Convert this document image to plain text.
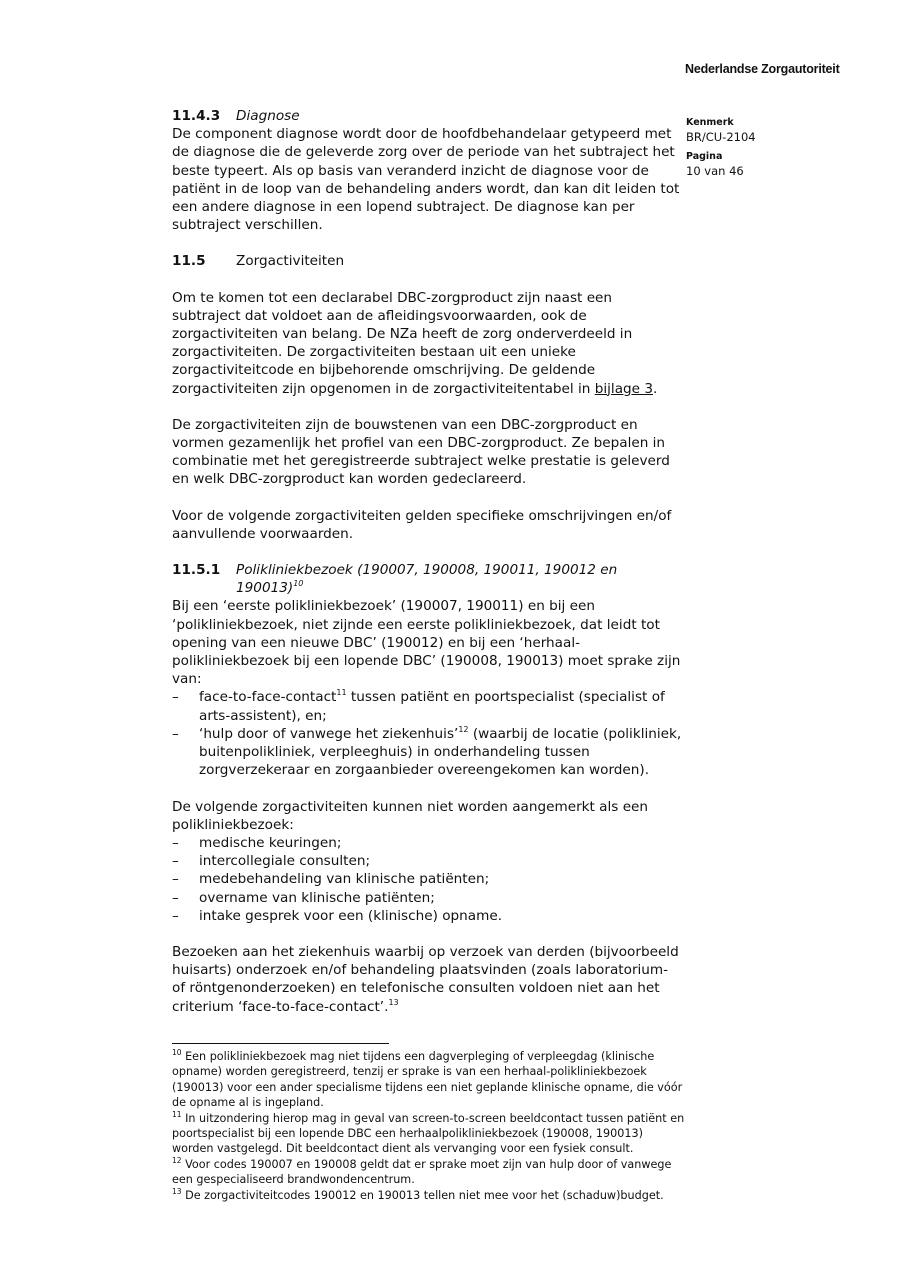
Nederlandse Zorgautoriteit
Kenmerk
BR/CU-2104
Pagina
10 van 46
11.4.3	Diagnose

De component diagnose wordt door de hoofdbehandelaar getypeerd met de diagnose die de geleverde zorg over de periode van het subtraject het beste typeert. Als op basis van veranderd inzicht de diagnose voor de patiënt in de loop van de behandeling anders wordt, dan kan dit leiden tot een andere diagnose in een lopend subtraject. De diagnose kan per subtraject verschillen.

11.5	Zorgactiviteiten

Om te komen tot een declarabel DBC-zorgproduct zijn naast een subtraject dat voldoet aan de afleidingsvoorwaarden, ook de zorgactiviteiten van belang. De NZa heeft de zorg onderverdeeld in zorgactiviteiten. De zorgactiviteiten bestaan uit een unieke zorgactiviteitcode en bijbehorende omschrijving. De geldende zorgactiviteiten zijn opgenomen in de zorgactiviteitentabel in bijlage 3.

De zorgactiviteiten zijn de bouwstenen van een DBC-zorgproduct en vormen gezamenlijk het profiel van een DBC-zorgproduct. Ze bepalen in combinatie met het geregistreerde subtraject welke prestatie is geleverd en welk DBC-zorgproduct kan worden gedeclareerd.

Voor de volgende zorgactiviteiten gelden specifieke omschrijvingen en/of aanvullende voorwaarden.

11.5.1	Polikliniekbezoek (190007, 190008, 190011, 190012 en 190013)$^{10}$

Bij een ‘eerste polikliniekbezoek’ (190007, 190011) en bij een ‘polikliniekbezoek, niet zijnde een eerste polikliniekbezoek, dat leidt tot opening van een nieuwe DBC’ (190012) en bij een ‘herhaal-polikliniekbezoek bij een lopende DBC’ (190008, 190013) moet sprake zijn van:

– face-to-face-contact$^{11}$ tussen patiënt en poortspecialist (specialist of arts-assistent), en;
– ‘hulp door of vanwege het ziekenhuis’$^{12}$ (waarbij de locatie (polikliniek, buitenpolikliniek, verpleeghuis) in onderhandeling tussen zorgverzekeraar en zorgaanbieder overeengekomen kan worden).

De volgende zorgactiviteiten kunnen niet worden aangemerkt als een polikliniekbezoek:

– medische keuringen;
– intercollegiale consulten;
– medebehandeling van klinische patiënten;
– overname van klinische patiënten;
– intake gesprek voor een (klinische) opname.

Bezoeken aan het ziekenhuis waarbij op verzoek van derden (bijvoorbeeld huisarts) onderzoek en/of behandeling plaatsvinden (zoals laboratorium- of röntgenonderzoeken) en telefonische consulten voldoen niet aan het criterium ‘face-to-face-contact’.$^{13}$

$^{10}$ Een polikliniekbezoek mag niet tijdens een dagverpleging of verpleegdag (klinische opname) worden geregistreerd, tenzij er sprake is van een herhaal-polikliniekbezoek (190013) voor een ander specialisme tijdens een niet geplande klinische opname, die vóór de opname al is ingepland.

$^{11}$ In uitzondering hierop mag in geval van screen-to-screen beeldcontact tussen patiënt en poortspecialist bij een lopende DBC een herhaalpolikliniekbezoek (190008, 190013) worden vastgelegd. Dit beeldcontact dient als vervanging voor een fysiek consult.

$^{12}$ Voor codes 190007 en 190008 geldt dat er sprake moet zijn van hulp door of vanwege een gespecialiseerd brandwondencentrum.

$^{13}$ De zorgactiviteitcodes 190012 en 190013 tellen niet mee voor het (schaduw)budget.
